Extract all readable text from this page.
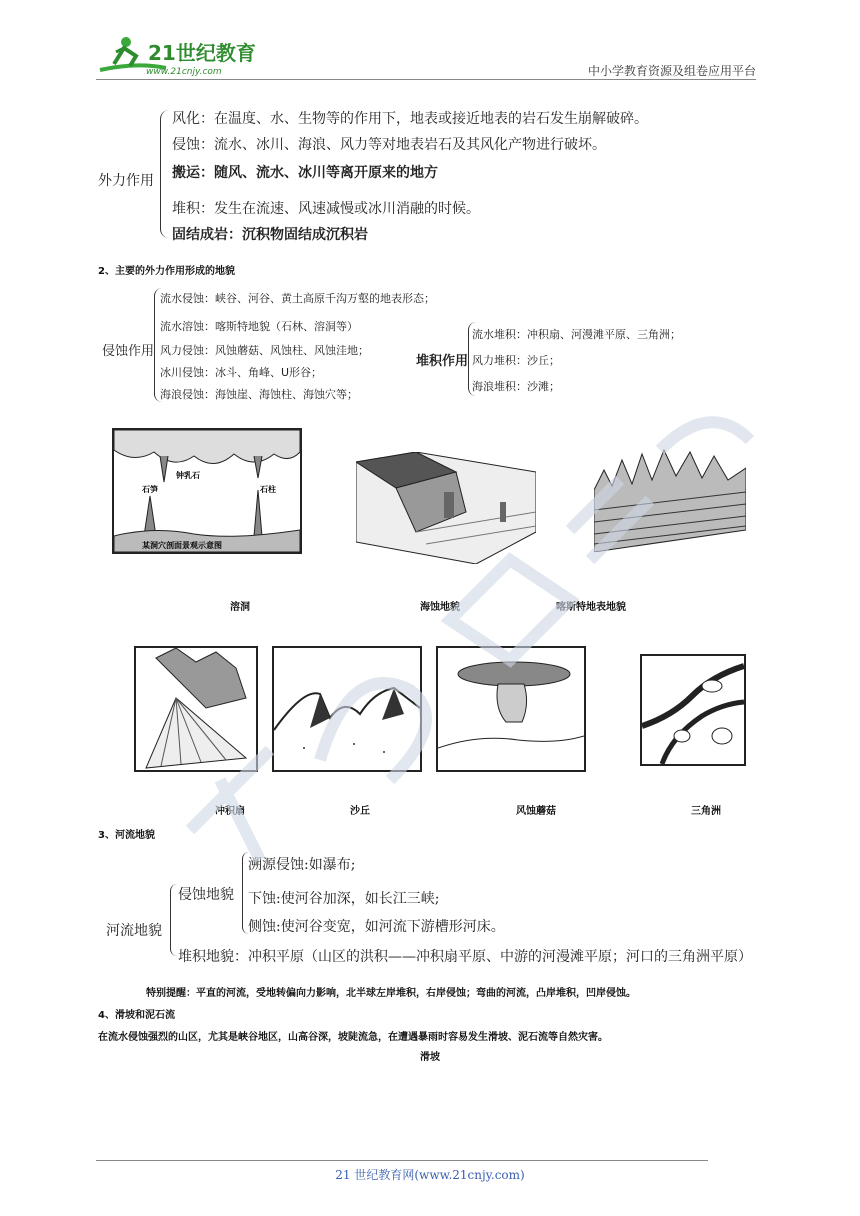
21世纪教育
www.21cnjy.com	中小学教育资源及组卷应用平台
外力作用
风化：在温度、水、生物等的作用下，地表或接近地表的岩石发生崩解破碎。
侵蚀：流水、冰川、海浪、风力等对地表岩石及其风化产物进行破坏。
搬运：随风、流水、冰川等离开原来的地方
堆积：发生在流速、风速减慢或冰川消融的时候。
固结成岩：沉积物固结成沉积岩
2、主要的外力作用形成的地貌
侵蚀作用
流水侵蚀：峡谷、河谷、黄土高原千沟万壑的地表形态；
流水溶蚀：喀斯特地貌（石林、溶洞等）
风力侵蚀：风蚀蘑菇、风蚀柱、风蚀洼地；
冰川侵蚀：冰斗、角峰、U形谷；
海浪侵蚀：海蚀崖、海蚀柱、海蚀穴等；
堆积作用
流水堆积：冲积扇、河漫滩平原、三角洲；
风力堆积：沙丘；
海浪堆积：沙滩；
钟乳石
石笋	石柱
某洞穴剖面景观示意图
溶洞	海蚀地貌	喀斯特地表地貌
冲积扇	沙丘	风蚀蘑菇	三角洲
3、河流地貌
河流地貌
侵蚀地貌
溯源侵蚀:如瀑布;
下蚀:使河谷加深，如长江三峡;
侧蚀:使河谷变宽，如河流下游槽形河床。
堆积地貌：冲积平原（山区的洪积——冲积扇平原、中游的河漫滩平原；河口的三角洲平原）
特别提醒：平直的河流，受地转偏向力影响，北半球左岸堆积，右岸侵蚀；弯曲的河流，凸岸堆积，凹岸侵蚀。
4、滑坡和泥石流
在流水侵蚀强烈的山区，尤其是峡谷地区，山高谷深，坡陡流急，在遭遇暴雨时容易发生滑坡、泥石流等自然灾害。
滑坡
21 世纪教育网(www.21cnjy.com)
